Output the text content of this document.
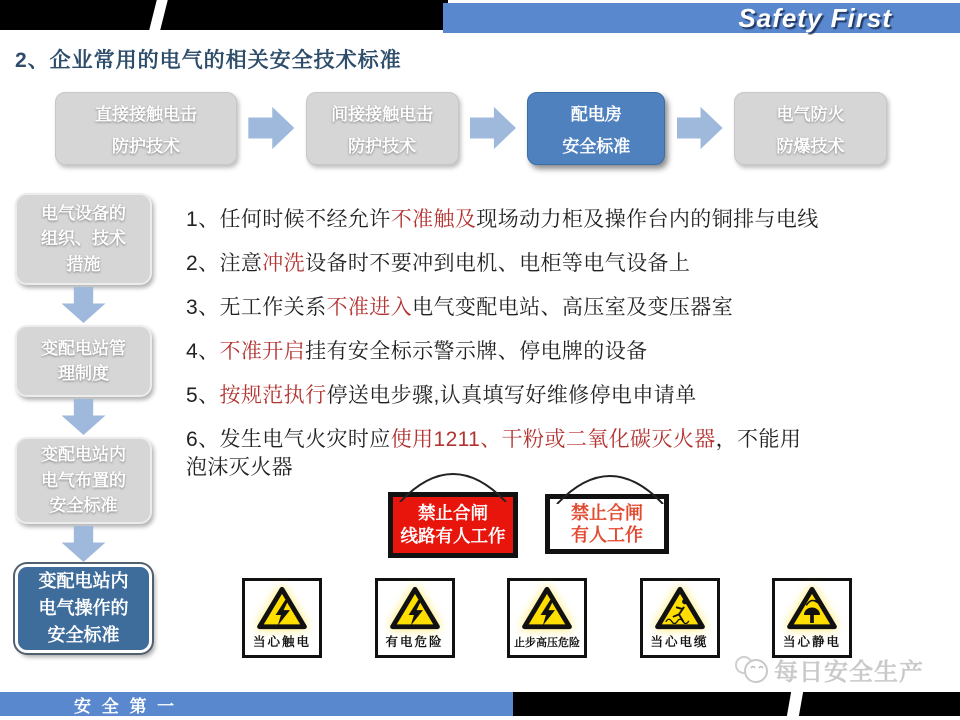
Safety First
2、企业常用的电气的相关安全技术标准
直接接触电击
防护技术
间接接触电击
防护技术
配电房
安全标准
电气防火
防爆技术
电气设备的
组织、技术
措施
变配电站管
理制度
变配电站内
电气布置的
安全标准
变配电站内
电气操作的
安全标准
1、任何时候不经允许不准触及现场动力柜及操作台内的铜排与电线
2、注意冲洗设备时不要冲到电机、电柜等电气设备上
3、无工作关系不准进入电气变配电站、高压室及变压器室
4、不准开启挂有安全标示警示牌、停电牌的设备
5、按规范执行停送电步骤,认真填写好维修停电申请单
6、发生电气火灾时应使用1211、干粉或二氧化碳灭火器，不能用
泡沫灭火器
禁止合闸
线路有人工作
禁止合闸
有人工作
当心触电	有电危险	止步高压危险	当心电缆	当心静电
每日安全生产
安 全 第 一
